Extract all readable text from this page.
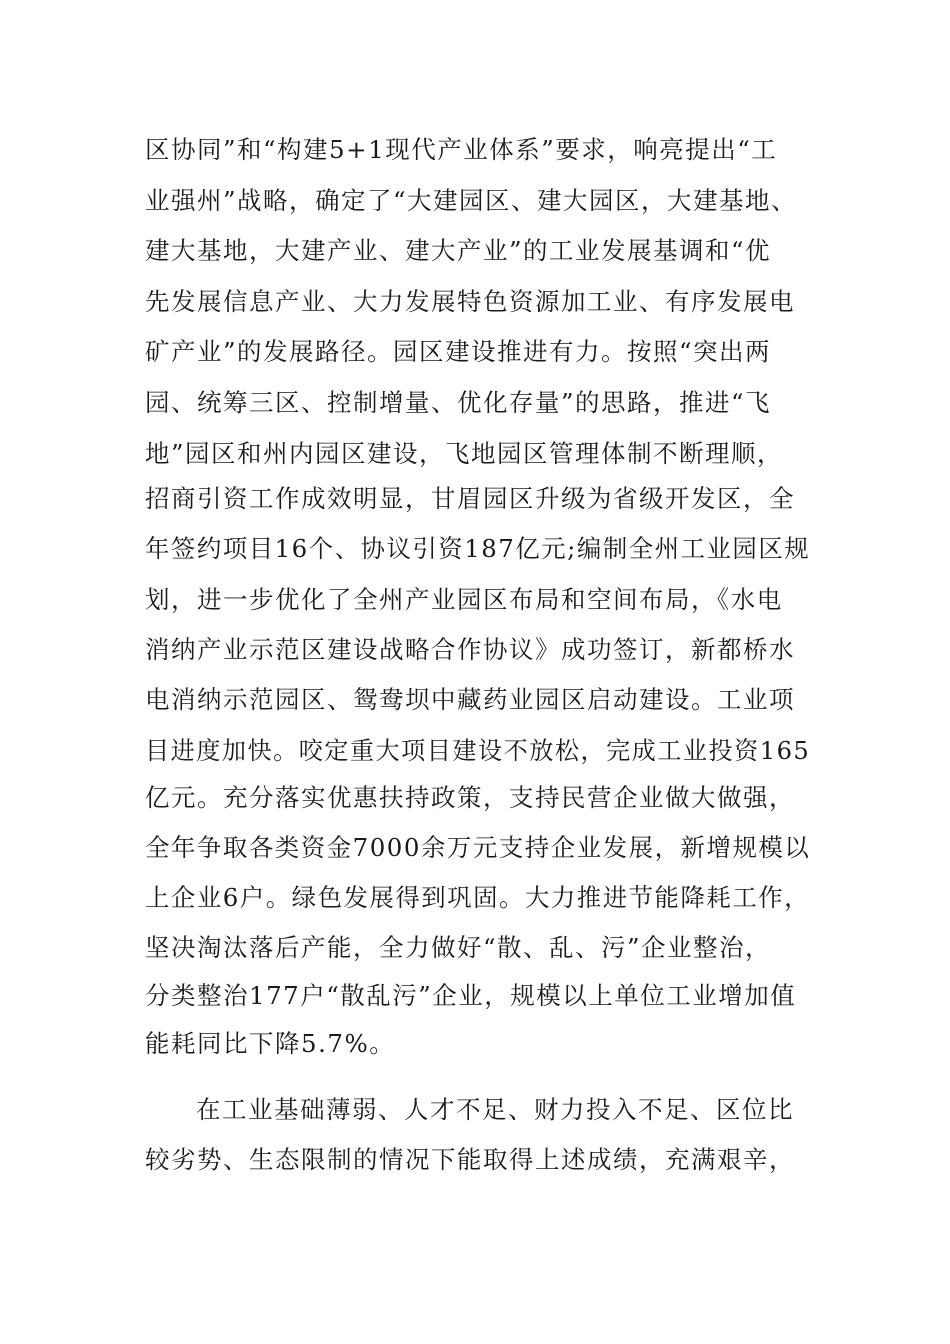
区协同”和“构建5+1现代产业体系”要求，响亮提出“工
业强州”战略，确定了“大建园区、建大园区，大建基地、
建大基地，大建产业、建大产业”的工业发展基调和“优
先发展信息产业、大力发展特色资源加工业、有序发展电
矿产业”的发展路径。园区建设推进有力。按照“突出两
园、统筹三区、控制增量、优化存量”的思路，推进“飞
地”园区和州内园区建设，飞地园区管理体制不断理顺，
招商引资工作成效明显，甘眉园区升级为省级开发区，全
年签约项目16个、协议引资187亿元;编制全州工业园区规
划，进一步优化了全州产业园区布局和空间布局，《水电
消纳产业示范区建设战略合作协议》成功签订，新都桥水
电消纳示范园区、鸳鸯坝中藏药业园区启动建设。工业项
目进度加快。咬定重大项目建设不放松，完成工业投资165
亿元。充分落实优惠扶持政策，支持民营企业做大做强，
全年争取各类资金7000余万元支持企业发展，新增规模以
上企业6户。绿色发展得到巩固。大力推进节能降耗工作，
坚决淘汰落后产能，全力做好“散、乱、污”企业整治，
分类整治177户“散乱污”企业，规模以上单位工业增加值
能耗同比下降5.7%。
在工业基础薄弱、人才不足、财力投入不足、区位比
较劣势、生态限制的情况下能取得上述成绩，充满艰辛，
